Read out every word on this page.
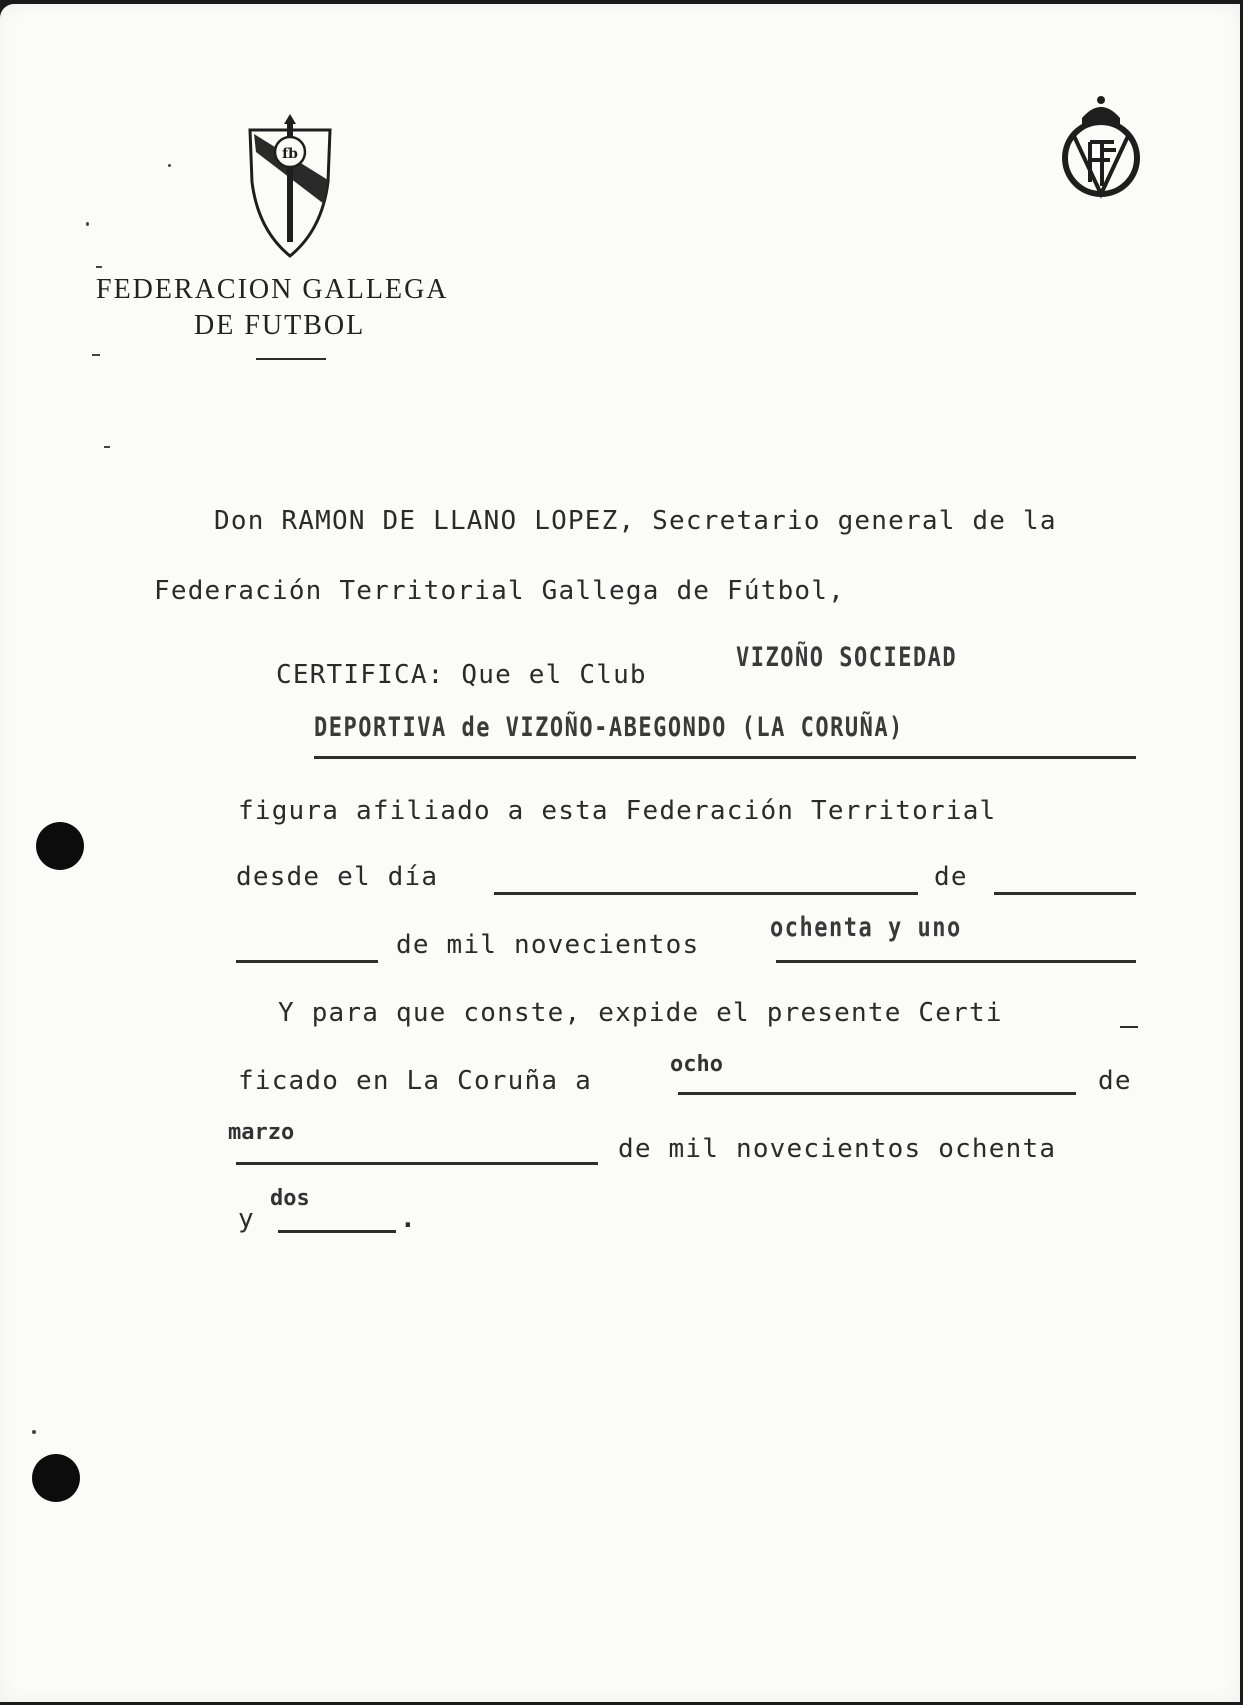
fb
FEDERACION GALLEGA
DE FUTBOL
Don RAMON DE LLANO LOPEZ, Secretario general de la
Federación Territorial Gallega de Fútbol,
CERTIFICA: Que el Club
VIZOÑO SOCIEDAD
DEPORTIVA de VIZOÑO-ABEGONDO (LA CORUÑA)
figura afiliado a esta Federación Territorial
desde el día	de
de mil novecientos
ochenta y uno
Y para que conste, expide el presente Certi
ficado en La Coruña a
ocho
de
marzo
de mil novecientos ochenta
y
dos
.
